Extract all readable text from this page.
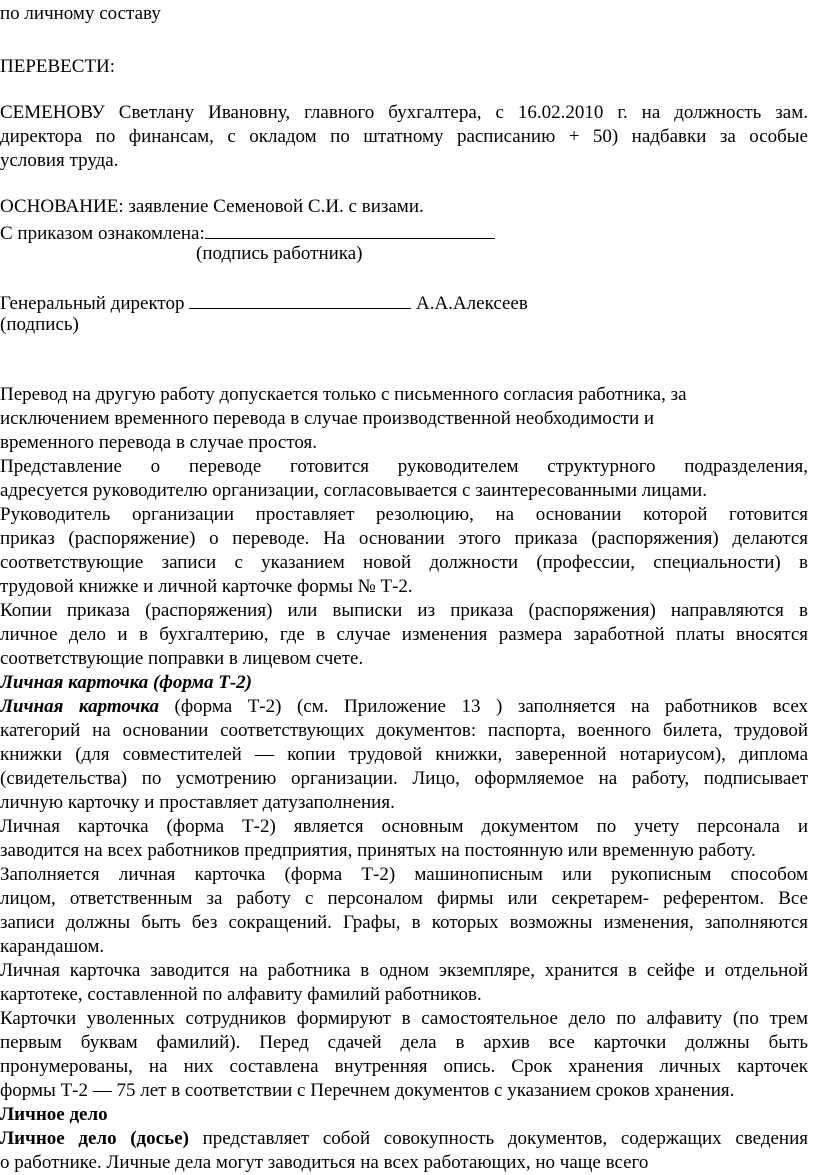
по личному составу
ПЕРЕВЕСТИ:
СЕМЕНОВУ Светлану Ивановну, главного бухгалтера, с 16.02.2010 г. на должность зам.
директора по финансам, с окладом по штатному расписанию + 50) надбавки за особые
условия труда.
ОСНОВАНИЕ: заявление Семеновой С.И. с визами.
С приказом ознакомлена:
(подпись работника)
Генеральный директор	А.А.Алексеев
(подпись)
Перевод на другую работу допускается только с письменного согласия работника, за
исключением временного перевода в случае производственной необходимости и
временного перевода в случае простоя.
Представление о переводе готовится руководителем структурного подразделения,
адресуется руководителю организации, согласовывается с заинтересованными лицами.
Руководитель организации проставляет резолюцию, на основании которой готовится
приказ (распоряжение) о переводе. На основании этого приказа (распоряжения) делаются
соответствующие записи с указанием новой должности (профессии, специальности) в
трудовой книжке и личной карточке формы № Т-2.
Копии приказа (распоряжения) или выписки из приказа (распоряжения) направляются в
личное дело и в бухгалтерию, где в случае изменения размера заработной платы вносятся
соответствующие поправки в лицевом счете.
Личная карточка (форма Т-2)
Личная карточка (форма Т-2) (см. Приложение 13 ) заполняется на работников всех
категорий на основании соответствующих документов: паспорта, военного билета, трудовой
книжки (для совместителей — копии трудовой книжки, заверенной нотариусом), диплома
(свидетельства) по усмотрению организации. Лицо, оформляемое на работу, подписывает
личную карточку и проставляет датузаполнения.
Личная карточка (форма Т-2) является основным документом по учету персонала и
заводится на всех работников предприятия, принятых на постоянную или временную работу.
Заполняется личная карточка (форма Т-2) машинописным или рукописным способом
лицом, ответственным за работу с персоналом фирмы или секретарем- референтом. Все
записи должны быть без сокращений. Графы, в которых возможны изменения, заполняются
карандашом.
Личная карточка заводится на работника в одном экземпляре, хранится в сейфе и отдельной
картотеке, составленной по алфавиту фамилий работников.
Карточки уволенных сотрудников формируют в самостоятельное дело по алфавиту (по трем
первым буквам фамилий). Перед сдачей дела в архив все карточки должны быть
пронумерованы, на них составлена внутренняя опись. Срок хранения личных карточек
формы Т-2 — 75 лет в соответствии с Перечнем документов с указанием сроков хранения.
Личное дело
Личное дело (досье) представляет собой совокупность документов, содержащих сведения
о работнике. Личные дела могут заводиться на всех работающих, но чаще всего
